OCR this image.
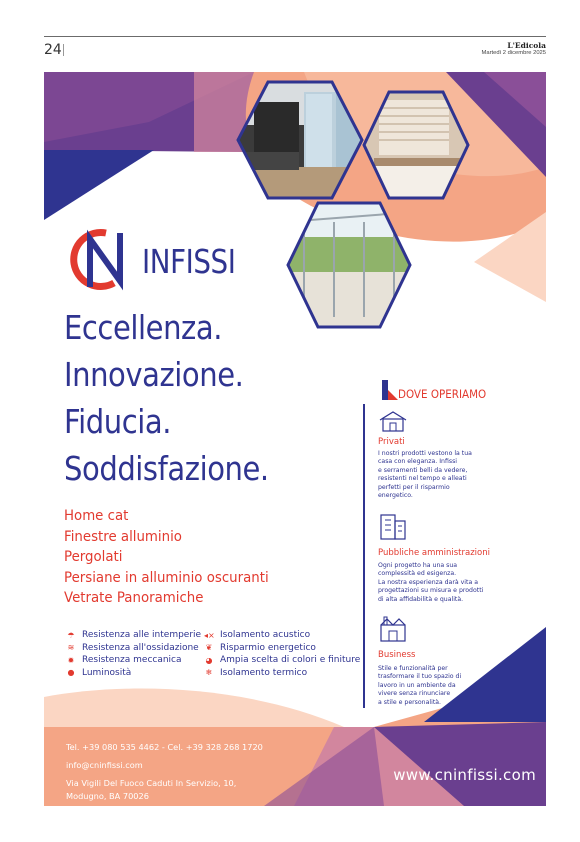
24	L'Edicola
Martedì 2 dicembre 2025
INFISSI
Eccellenza.
Innovazione.
Fiducia.
Soddisfazione.
Home cat
Finestre alluminio
Pergolati
Persiane in alluminio oscuranti
Vetrate Panoramiche
☂ Resistenza alle intemperie
≋ Resistenza all'ossidazione
✹ Resistenza meccanica
● Luminosità
◂× Isolamento acustico
❦ Risparmio energetico
◕ Ampia scelta di colori e finiture
❄ Isolamento termico
Tel. +39 080 535 4462 - Cel. +39 328 268 1720
info@cninfissi.com
Via Vigili Del Fuoco Caduti In Servizio, 10,
Modugno, BA 70026
www.cninfissi.com
DOVE OPERIAMO
Privati
I nostri prodotti vestono la tua
casa con eleganza. Infissi
e serramenti belli da vedere,
resistenti nel tempo e alleati
perfetti per il risparmio
energetico.
Pubbliche amministrazioni
Ogni progetto ha una sua
complessità ed esigenza.
La nostra esperienza darà vita a
progettazioni su misura e prodotti
di alta affidabilità e qualità.
Business
Stile e funzionalità per
trasformare il tuo spazio di
lavoro in un ambiente da
vivere senza rinunciare
a stile e personalità.
